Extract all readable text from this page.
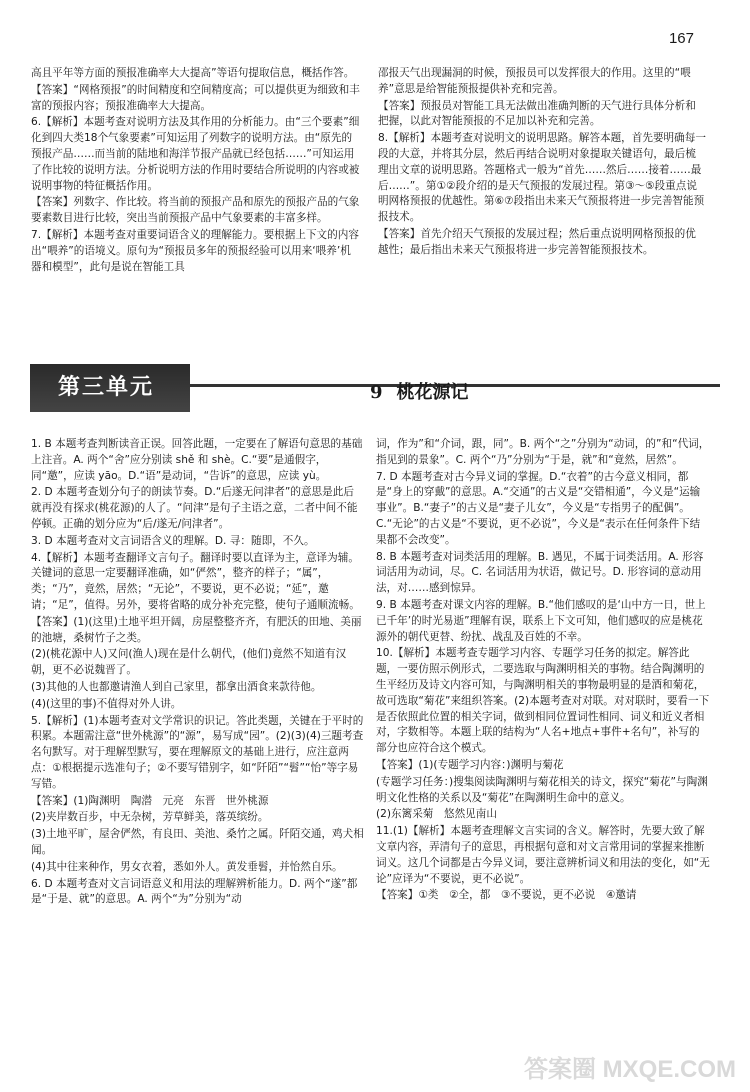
167

高且平年等方面的预报准确率大大提高”等语句提取信息，概括作答。

【答案】“网格预报”的时间精度和空间精度高；可以提供更为细致和丰富的预报内容；预报准确率大大提高。

6.【解析】本题考查对说明方法及其作用的分析能力。由“三个要素”细化到四大类18个气象要素”可知运用了列数字的说明方法。由“原先的预报产品……而当前的陆地和海洋节报产品就已经包括……”可知运用了作比较的说明方法。分析说明方法的作用时要结合所说明的内容或被说明事物的特征概括作用。

【答案】列数字、作比较。将当前的预报产品和原先的预报产品的气象要素数目进行比较，突出当前预报产品中气象要素的丰富多样。

7.【解析】本题考查对重要词语含义的理解能力。要根据上下文的内容出“喂养”的语境义。原句为“预报员多年的预报经验可以用来‘喂养’机器和模型”，此句是说在智能工具

邵报天气出现漏洞的时候，预报员可以发挥很大的作用。这里的“喂养”意思是给智能预报提供补充和完善。

【答案】预报员对智能工具无法做出准确判断的天气进行具体分析和把握，以此对智能预报的不足加以补充和完善。

8.【解析】本题考查对说明文的说明思路。解答本题，首先要明确每一段的大意，并将其分层，然后再结合说明对象提取关键语句，最后梳理出文章的说明思路。答题格式一般为“首先……然后……接着……最后……”。第①②段介绍的是天气预报的发展过程。第③～⑤段重点说明网格预报的优越性。第⑥⑦段指出未来天气预报将进一步完善智能预报技术。

【答案】首先介绍天气预报的发展过程；然后重点说明网格预报的优越性；最后指出未来天气预报将进一步完善智能预报技术。

第三单元	9 桃花源记

1. B 本题考查判断读音正误。回答此题，一定要在了解语句意思的基础上注音。A. 两个“舍”应分别读 shě 和 shè。C.“要”是通假字，同“邀”，应读 yāo。D.“语”是动词，“告诉”的意思，应读 yù。

2. D 本题考查划分句子的朗读节奏。D.“后遂无问津者”的意思是此后就再没有探求(桃花源)的人了。“问津”是句子主语之意，二者中间不能停顿。正确的划分应为“后/遂无/问津者”。

3. D 本题考查对文言词语含义的理解。D. 寻：随即，不久。

4.【解析】本题考查翻译文言句子。翻译时要以直译为主，意译为辅。关键词的意思一定要翻译准确，如“俨然”，整齐的样子；“属”，类；“乃”，竟然，居然；“无论”，不要说，更不必说；“延”，邀请；“足”，值得。另外，要将省略的成分补充完整，使句子通顺流畅。

【答案】(1)(这里)土地平坦开阔，房屋整整齐齐，有肥沃的田地、美丽的池塘，桑树竹子之类。

(2)(桃花源中人)又问(渔人)现在是什么朝代，(他们)竟然不知道有汉朝，更不必说魏晋了。

(3)其他的人也都邀请渔人到自己家里，都拿出酒食来款待他。

(4)(这里的事)不值得对外人讲。

5.【解析】(1)本题考查对文学常识的识记。答此类题，关键在于平时的积累。本题需注意“世外桃源”的“源”，易写成“园”。(2)(3)(4)三题考查名句默写。对于理解型默写，要在理解原文的基础上进行，应注意两点：①根据提示选准句子；②不要写错别字，如“阡陌”“髫”“怡”等字易写错。

【答案】(1)陶渊明　陶潜　元亮　东晋　世外桃源

(2)夹岸数百步，中无杂树，芳草鲜美，落英缤纷。

(3)土地平旷，屋舍俨然，有良田、美池、桑竹之属。阡陌交通，鸡犬相闻。

(4)其中往来种作，男女衣着，悉如外人。黄发垂髫，并怡然自乐。

6. D 本题考查对文言词语意义和用法的理解辨析能力。D. 两个“遂”都是“于是、就”的意思。A. 两个“为”分别为“动

词，作为”和“介词，跟，同”。B. 两个“之”分别为“动词，的”和“代词，指见到的景象”。C. 两个“乃”分别为“于是，就”和“竟然，居然”。

7. D 本题考查对古今异义词的掌握。D.“衣着”的古今意义相同，都是“身上的穿戴”的意思。A.“交通”的古义是“交错相通”，今义是“运输事业”。B.“妻子”的古义是“妻子儿女”，今义是“专指男子的配偶”。C.“无论”的古义是“不要说，更不必说”，今义是“表示在任何条件下结果都不会改变”。

8. B 本题考查对词类活用的理解。B. 遇见，不属于词类活用。A. 形容词活用为动词，尽。C. 名词活用为状语，做记号。D. 形容词的意动用法，对……感到惊异。

9. B 本题考查对课文内容的理解。B.“他们感叹的是‘山中方一日，世上已千年’的时光易逝”理解有误，联系上下文可知，他们感叹的应是桃花源外的朝代更替、纷扰、战乱及百姓的不幸。

10.【解析】本题考查专题学习内容、专题学习任务的拟定。解答此题，一要仿照示例形式，二要选取与陶渊明相关的事物。结合陶渊明的生平经历及诗文内容可知，与陶渊明相关的事物最明显的是酒和菊花，故可选取“菊花”来组织答案。(2)本题考查对对联。对对联时，要看一下是否依照此位置的相关字词，做到相同位置词性相同、词义和近义者相对，字数相等。本题上联的结构为“人名+地点+事件+名句”，补写的部分也应符合这个模式。

【答案】(1)(专题学习内容：)渊明与菊花

(专题学习任务：)搜集阅读陶渊明与菊花相关的诗文，探究“菊花”与陶渊明文化性格的关系以及“菊花”在陶渊明生命中的意义。

(2)东篱采菊　悠然见南山

11.(1)【解析】本题考查理解文言实词的含义。解答时，先要大致了解文章内容，弄清句子的意思，再根据句意和对文言常用词的掌握来推断词义。这几个词都是古今异义词，要注意辨析词义和用法的变化，如“无论”应译为“不要说，更不必说”。

【答案】①类　②全，都　③不要说，更不必说　④邀请

答案圈 MXQE.COM
